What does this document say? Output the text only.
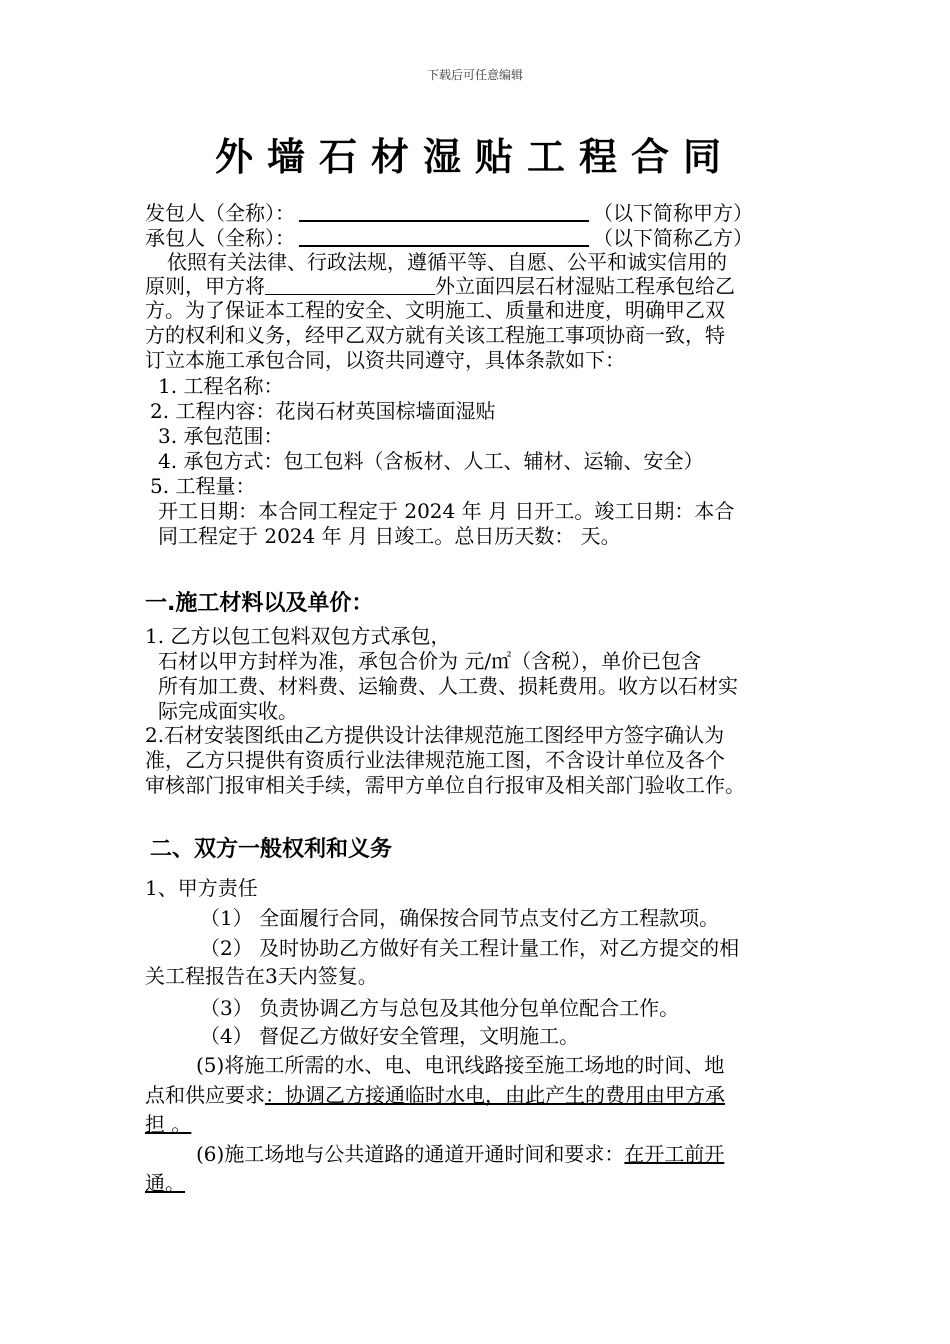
下载后可任意编辑
外墙石材湿贴工程合同
发包人（全称）：	（以下简称甲方）
承包人（全称）：	（以下简称乙方）
依照有关法律、行政法规，遵循平等、自愿、公平和诚实信用的
原则，甲方将	外立面四层石材湿贴工程承包给乙
方。为了保证本工程的安全、文明施工、质量和进度，明确甲乙双
方的权利和义务，经甲乙双方就有关该工程施工事项协商一致，特
订立本施工承包合同，以资共同遵守，具体条款如下：
1. 工程名称：
2. 工程内容：花岗石材英国棕墙面湿贴
3. 承包范围：
4. 承包方式：包工包料（含板材、人工、辅材、运输、安全）
5. 工程量：
开工日期：本合同工程定于 2024 年 月 日开工。竣工日期：本合
同工程定于 2024 年 月 日竣工。总日历天数： 天。
一.施工材料以及单价：
1. 乙方以包工包料双包方式承包，
石材以甲方封样为准，承包合价为 元/㎡（含税），单价已包含
所有加工费、材料费、运输费、人工费、损耗费用。收方以石材实
际完成面实收。
2.石材安装图纸由乙方提供设计法律规范施工图经甲方签字确认为
准，乙方只提供有资质行业法律规范施工图，不含设计单位及各个
审核部门报审相关手续，需甲方单位自行报审及相关部门验收工作。
二、双方一般权利和义务
1、甲方责任
（1） 全面履行合同，确保按合同节点支付乙方工程款项。
（2） 及时协助乙方做好有关工程计量工作，对乙方提交的相
关工程报告在3天内签复。
（3） 负责协调乙方与总包及其他分包单位配合工作。
（4） 督促乙方做好安全管理，文明施工。
(5)将施工所需的水、电、电讯线路接至施工场地的时间、地
点和供应要求：协调乙方接通临时水电，由此产生的费用由甲方承
担 。
(6)施工场地与公共道路的通道开通时间和要求：在开工前开
通。
